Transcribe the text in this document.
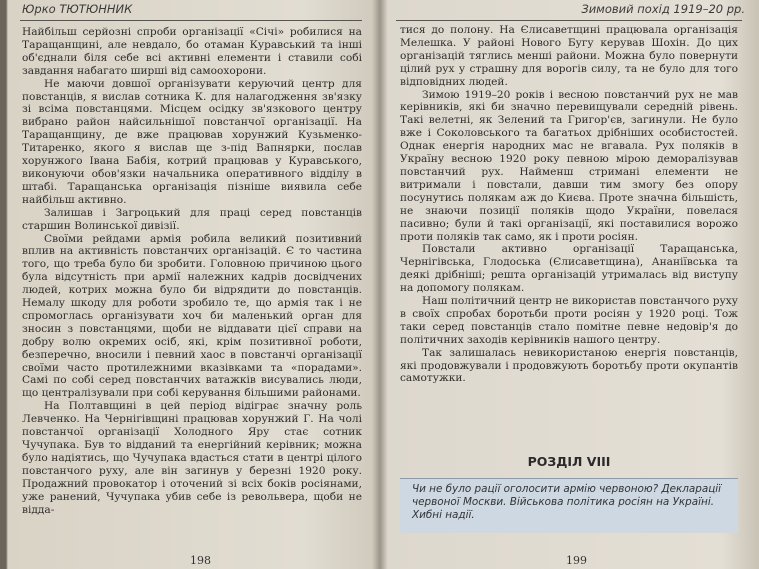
Юрко ТЮТЮННИК

Найбільш серйозні спроби організації «Січі» робилися на Таращанщині, але невдало, бо отаман Куравський та інші об'єднали біля себе всі активні елементи і ставили собі завдання набагато ширші від самоохорони.

Не маючи довшої організувати керуючий центр для повстанців, я вислав сотника К. для налагодження зв'язку зі всіма повстанцями. Місцем осідку зв'язкового центру вибрано район найсильнішої повстанчої організації. На Таращанщину, де вже працював хорунжий Кузьменко-Титаренко, якого я вислав ще з-під Вапнярки, послав хорунжого Івана Бабія, котрий працював у Куравського, виконуючи обов'язки начальника оперативного відділу в штабі. Таращанська організація пізніше виявила себе найбільш активно.

Залишав і Загроцький для праці серед повстанців старшин Волинської дивізії.

Своїми рейдами армія робила великий позитивний вплив на активність повстанчих організацій. Є то частина того, що треба було би зробити. Головною причиною цього була відсутність при армії належних кадрів досвідчених людей, котрих можна було би відрядити до повстанців. Немалу шкоду для роботи зробило те, що армія так і не спромоглась організувати хоч би маленький орган для зносин з повстанцями, щоби не віддавати цієї справи на добру волю окремих осіб, які, крім позитивної роботи, безперечно, вносили і певний хаос в повстанчі організації своїми часто протилежними вказівками та «порадами». Самі по собі серед повстанчих ватажків висувались люди, що централізували при собі керування більшими районами.

На Полтавщині в цей період відіграє значну роль Левченко. На Чернігівщині працював хорунжий Г. На чолі повстанчої організації Холодного Яру стає сотник Чучупака. Був то відданий та енергійний керівник; можна було надіятись, що Чучупака вдасться стати в центрі цілого повстанчого руху, але він загинув у березні 1920 року. Продажний провокатор і оточений зі всіх боків росіянами, уже ранений, Чучупака убив себе із револьвера, щоби не відда-

198
Зимовий похід 1919–20 рр.

тися до полону. На Єлисаветщині працювала організація Мелешка. У районі Нового Бугу керував Шохін. До цих організацій тяглись менші райони. Можна було повернути цілий рух у страшну для ворогів силу, та не було для того відповідних людей.

Зимою 1919–20 років і весною повстанчий рух не мав керівників, які би значно перевищували середній рівень. Такі велетні, як Зелений та Григор'єв, загинули. Не було вже і Соколовського та багатьох дрібніших особистостей. Однак енергія народних мас не вгавала. Рух поляків в Україну весною 1920 року певною мірою деморалізував повстанчий рух. Найменш стримані елементи не витримали і повстали, давши тим змогу без опору посунутись полякам аж до Києва. Проте значна більшість, не знаючи позиції поляків щодо України, повелася пасивно; були й такі організації, які поставилися ворожо проти поляків так само, як і проти росіян.

Повстали активно організації Таращанська, Чернігівська, Глодоська (Єлисаветщина), Ананіївська та деякі дрібніші; решта організацій утрималась від виступу на допомогу полякам.

Наш політичний центр не використав повстанчого руху в своїх спробах боротьби проти росіян у 1920 році. Тож таки серед повстанців стало помітне певне недовір'я до політичних заходів керівників нашого центру.

Так залишалась невикористаною енергія повстанців, які продовжували і продовжують боротьбу проти окупантів самотужки.

РОЗДІЛ VIII
Чи не було рації оголосити армію червоною? Декларації червоної Москви. Військова політика росіян на Україні. Хибні надії.
199
